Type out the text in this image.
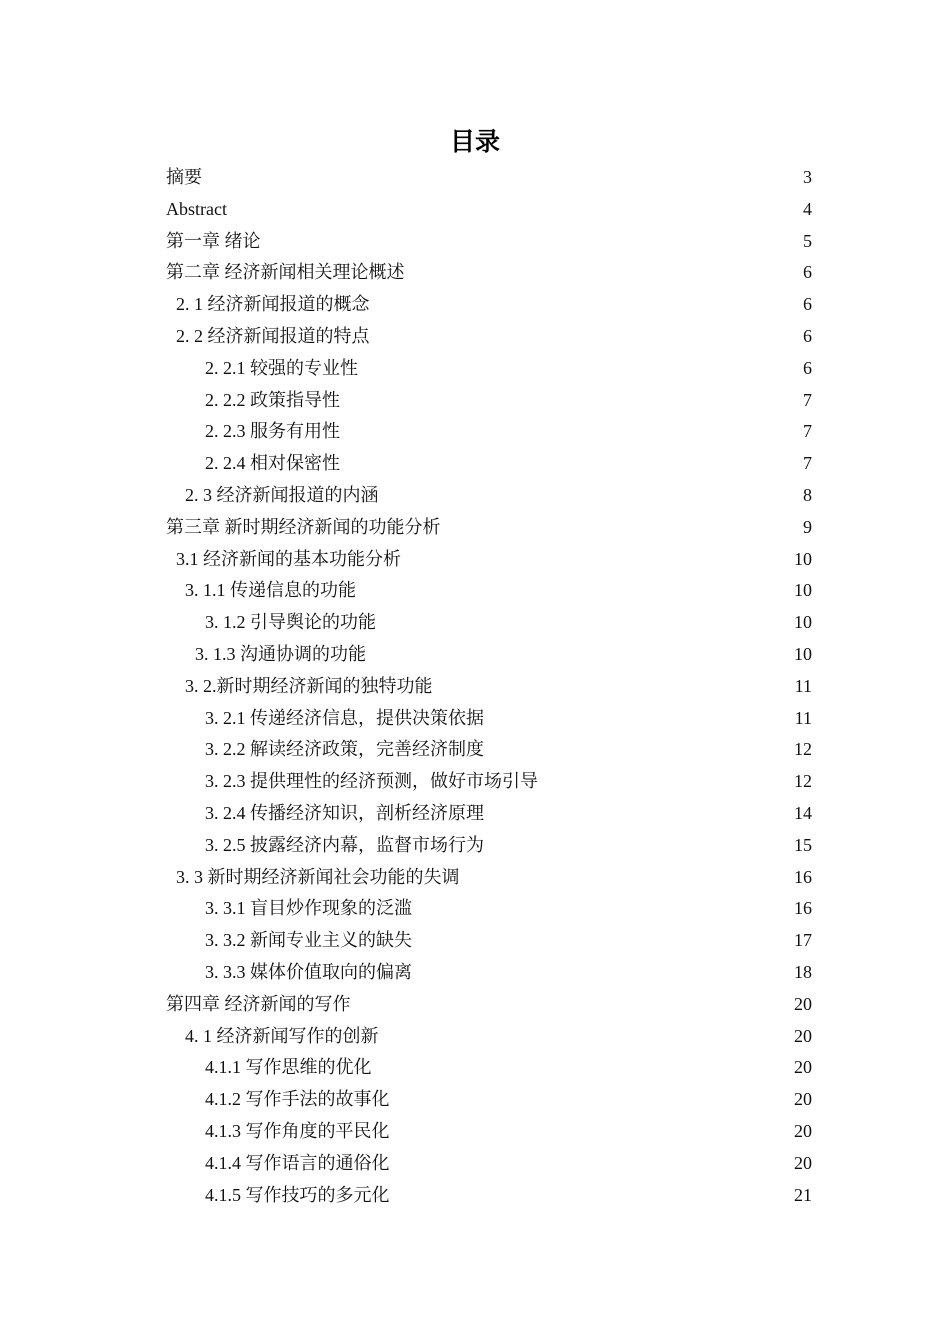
目录
摘要	3
Abstract	4
第一章 绪论	5
第二章 经济新闻相关理论概述	6
2. 1 经济新闻报道的概念	6
2. 2 经济新闻报道的特点	6
2. 2.1 较强的专业性	6
2. 2.2 政策指导性	7
2. 2.3 服务有用性	7
2. 2.4 相对保密性	7
2. 3 经济新闻报道的内涵	8
第三章 新时期经济新闻的功能分析	9
3.1 经济新闻的基本功能分析	10
3. 1.1 传递信息的功能	10
3. 1.2 引导舆论的功能	10
3. 1.3 沟通协调的功能	10
3. 2.新时期经济新闻的独特功能	11
3. 2.1 传递经济信息，提供决策依据	11
3. 2.2 解读经济政策，完善经济制度	12
3. 2.3 提供理性的经济预测，做好市场引导	12
3. 2.4 传播经济知识，剖析经济原理	14
3. 2.5 披露经济内幕，监督市场行为	15
3. 3 新时期经济新闻社会功能的失调	16
3. 3.1 盲目炒作现象的泛滥	16
3. 3.2 新闻专业主义的缺失	17
3. 3.3 媒体价值取向的偏离	18
第四章 经济新闻的写作	20
4. 1 经济新闻写作的创新	20
4.1.1 写作思维的优化	20
4.1.2 写作手法的故事化	20
4.1.3 写作角度的平民化	20
4.1.4 写作语言的通俗化	20
4.1.5 写作技巧的多元化	21
